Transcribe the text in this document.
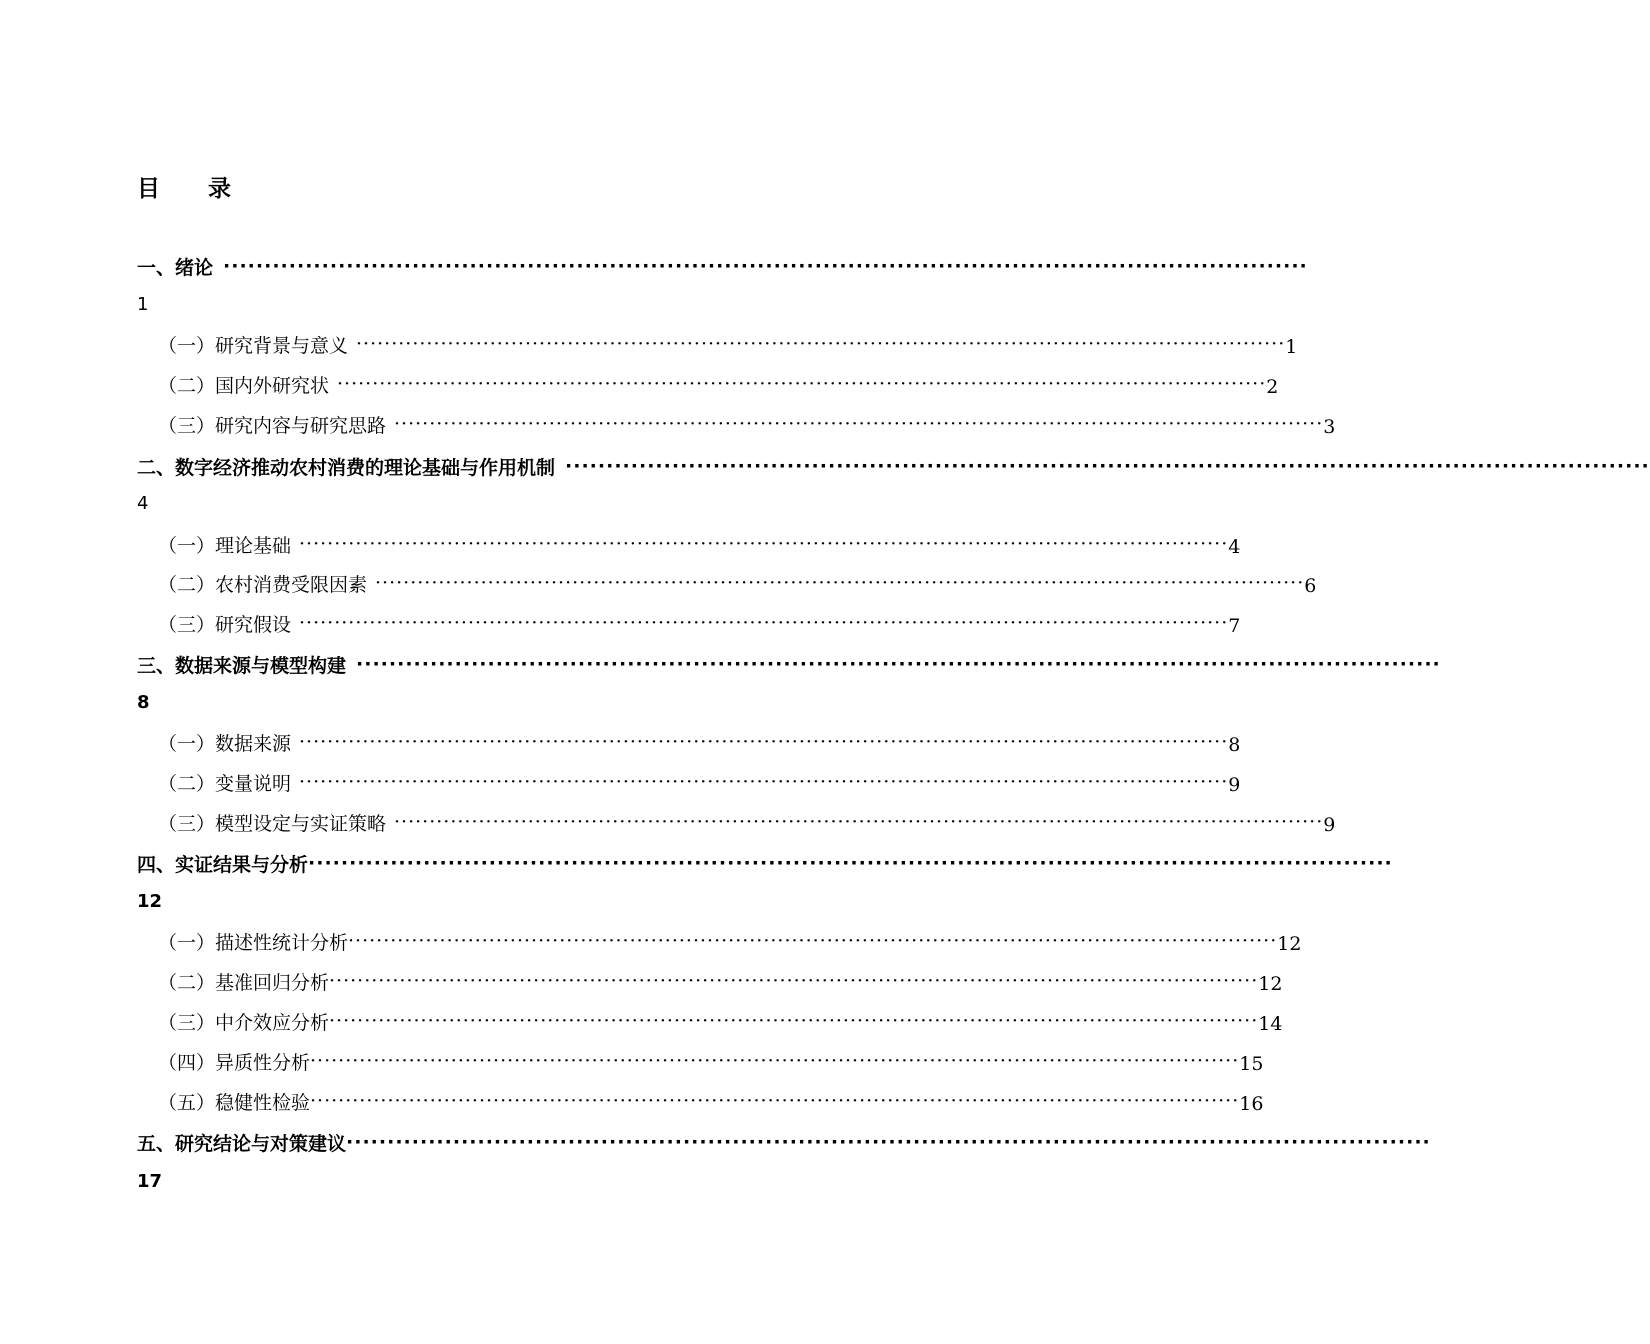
目录
一、绪论 ····································································································································
1
（一）研究背景与意义 ···································································································································· 1
（二）国内外研究状 ···································································································································· 2
（三）研究内容与研究思路 ···································································································································· 3
二、数字经济推动农村消费的理论基础与作用机制 ····································································································································
4
（一）理论基础 ···································································································································· 4
（二）农村消费受限因素 ···································································································································· 6
（三）研究假设 ···································································································································· 7
三、数据来源与模型构建 ····································································································································
8
（一）数据来源 ···································································································································· 8
（二）变量说明 ···································································································································· 9
（三）模型设定与实证策略 ···································································································································· 9
四、实证结果与分析 ····································································································································
12
（一）描述性统计分析 ···································································································································· 12
（二）基准回归分析 ···································································································································· 12
（三）中介效应分析 ···································································································································· 14
（四）异质性分析 ···································································································································· 15
（五）稳健性检验 ···································································································································· 16
五、研究结论与对策建议 ····································································································································
17
